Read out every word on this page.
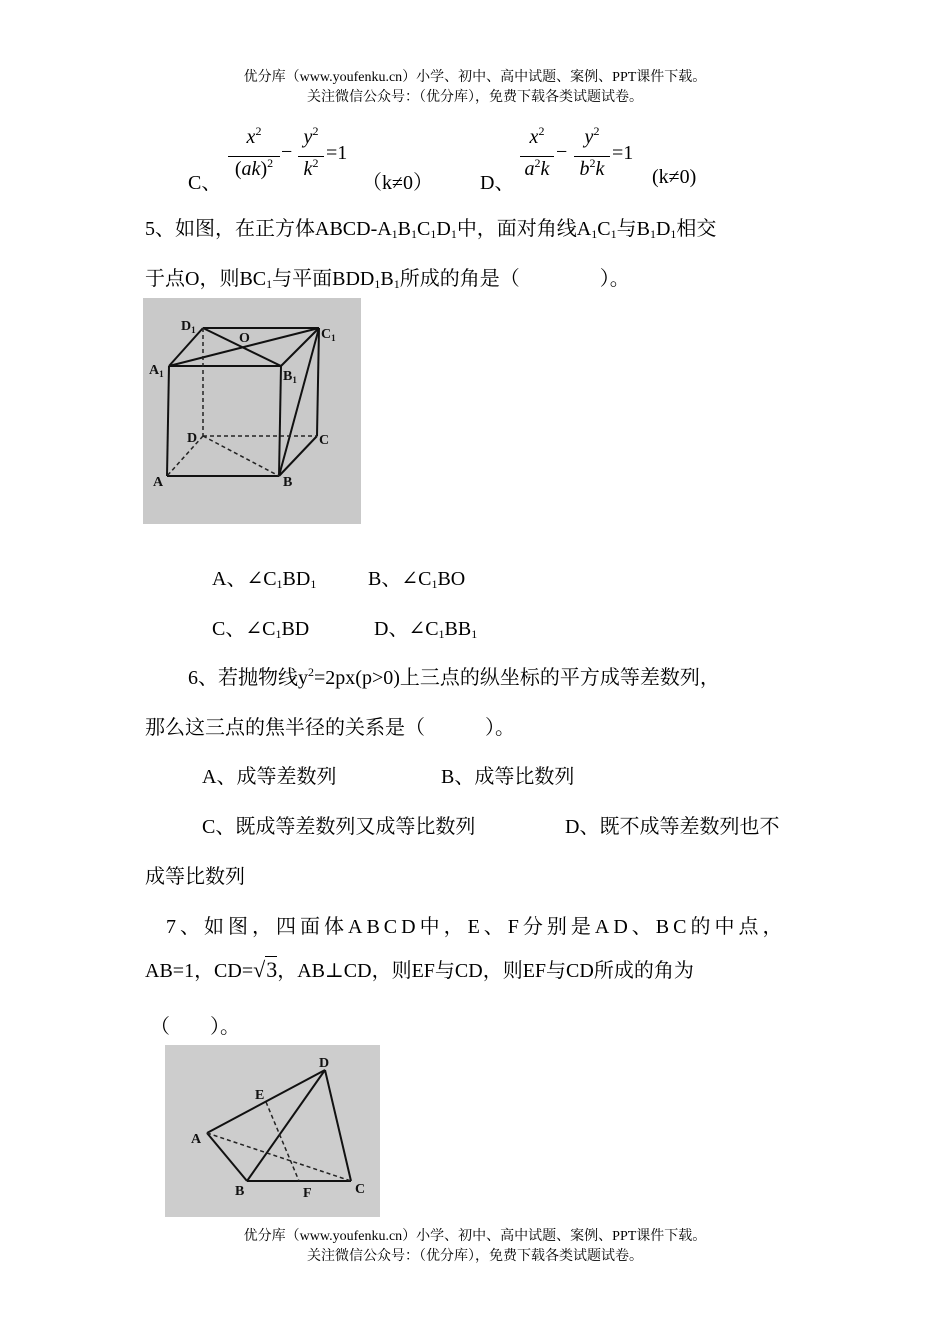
优分库（www.youfenku.cn）小学、初中、高中试题、案例、PPT课件下载。
关注微信公众号：（优分库），免费下载各类试题试卷。
C、
$x^2$
(ak)$^2$ −
$y^2$
$k^2 =1$
（k≠0） D、
$x^2$
$a^2k$
−
$y^2$
$b^2k$
=1
(k≠0)
5、如图，在正方体ABCD-$A_1B_1C_1D_1$中，面对角线$A_1C_1$与$B_1D_1$相交
于点O，则$BC_1$与平面$BDD_1B_1$所成的角是（　　　　）。
$D_1$
O	$C_1$
$A_1$	$B_1$
D	C
A	B
A、$\angle C_1BD_1$	B、$\angle C_1BO$
C、$\angle C_1BD$	D、$\angle C_1BB_1$
6、若抛物线$y^2=2px(p>0)$上三点的纵坐标的平方成等差数列，
那么这三点的焦半径的关系是（　　　）。
A、成等差数列	B、成等比数列
C、既成等差数列又成等比数列	D、既不成等差数列也不
成等比数列
7、如图，四面体ABCD中，E、F分别是AD、BC的中点，
AB=1，CD=√3，AB⊥CD，则EF与CD，则EF与CD所成的角为
（　　）。
D
E
A
B	F	C
优分库（www.youfenku.cn）小学、初中、高中试题、案例、PPT课件下载。
关注微信公众号：（优分库），免费下载各类试题试卷。
